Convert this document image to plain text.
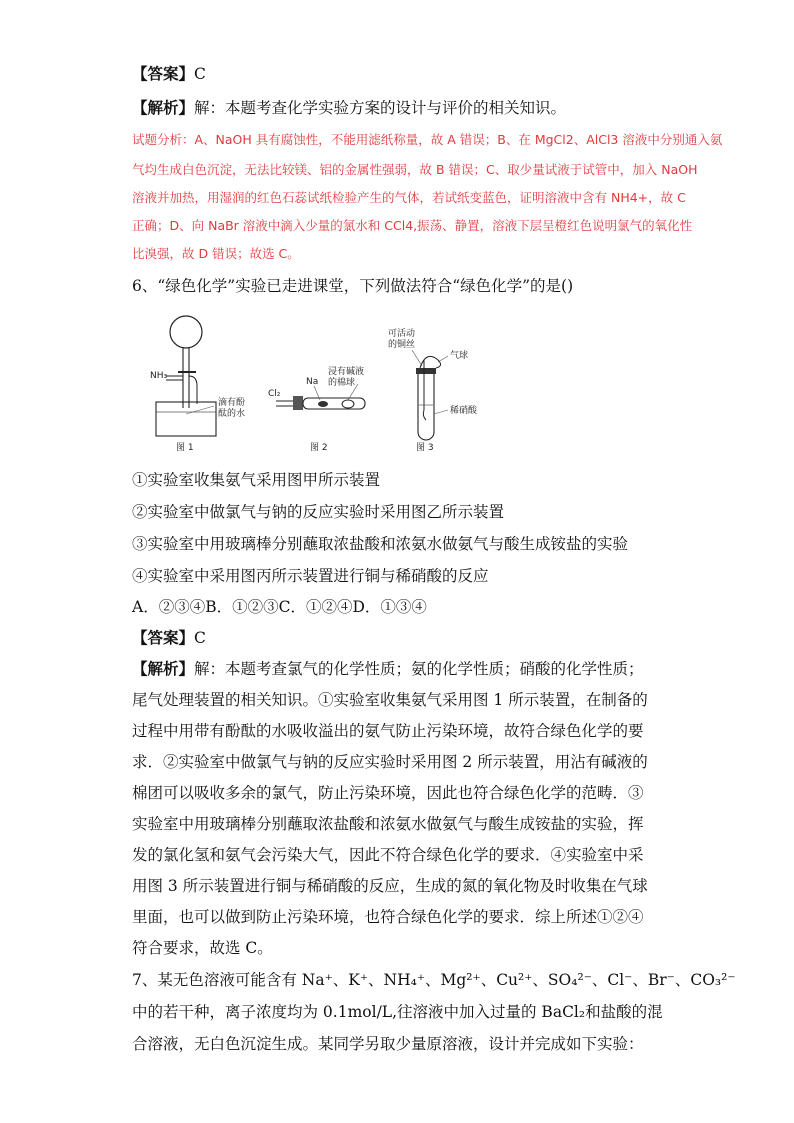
【答案】C
【解析】解：本题考查化学实验方案的设计与评价的相关知识。
试题分析：A、NaOH 具有腐蚀性，不能用滤纸称量，故 A 错误；B、在 MgCl2、AlCl3 溶液中分别通入氨
气均生成白色沉淀，无法比较镁、铝的金属性强弱，故 B 错误；C、取少量试液于试管中，加入 NaOH
溶液并加热，用湿润的红色石蕊试纸检验产生的气体，若试纸变蓝色，证明溶液中含有 NH4+，故 C
正确；D、向 NaBr 溶液中滴入少量的氯水和 CCl4,振荡、静置，溶液下层呈橙红色说明氯气的氧化性
比溴强，故 D 错误；故选 C。
6、“绿色化学”实验已走进课堂，下列做法符合“绿色化学”的是()
NH₃
滴有酚
酞的水
图 1
Cl₂
Na
浸有碱液
的棉球
图 2
可活动
的铜丝
气球
稀硝酸
图 3
①实验室收集氨气采用图甲所示装置
②实验室中做氯气与钠的反应实验时采用图乙所示装置
③实验室中用玻璃棒分别蘸取浓盐酸和浓氨水做氨气与酸生成铵盐的实验
④实验室中采用图丙所示装置进行铜与稀硝酸的反应
A．②③④B．①②③C．①②④D．①③④
【答案】C
【解析】解：本题考查氯气的化学性质；氨的化学性质；硝酸的化学性质；
尾气处理装置的相关知识。①实验室收集氨气采用图 1 所示装置，在制备的
过程中用带有酚酞的水吸收溢出的氨气防止污染环境，故符合绿色化学的要
求．②实验室中做氯气与钠的反应实验时采用图 2 所示装置，用沾有碱液的
棉团可以吸收多余的氯气，防止污染环境，因此也符合绿色化学的范畴．③
实验室中用玻璃棒分别蘸取浓盐酸和浓氨水做氨气与酸生成铵盐的实验，挥
发的氯化氢和氨气会污染大气，因此不符合绿色化学的要求．④实验室中采
用图 3 所示装置进行铜与稀硝酸的反应，生成的氮的氧化物及时收集在气球
里面，也可以做到防止污染环境，也符合绿色化学的要求．综上所述①②④
符合要求，故选 C。
7、某无色溶液可能含有 Na⁺、K⁺、NH₄⁺、Mg²⁺、Cu²⁺、SO₄²⁻、Cl⁻、Br⁻、CO₃²⁻
中的若干种，离子浓度均为 0.1mol/L,往溶液中加入过量的 BaCl₂和盐酸的混
合溶液，无白色沉淀生成。某同学另取少量原溶液，设计并完成如下实验：
